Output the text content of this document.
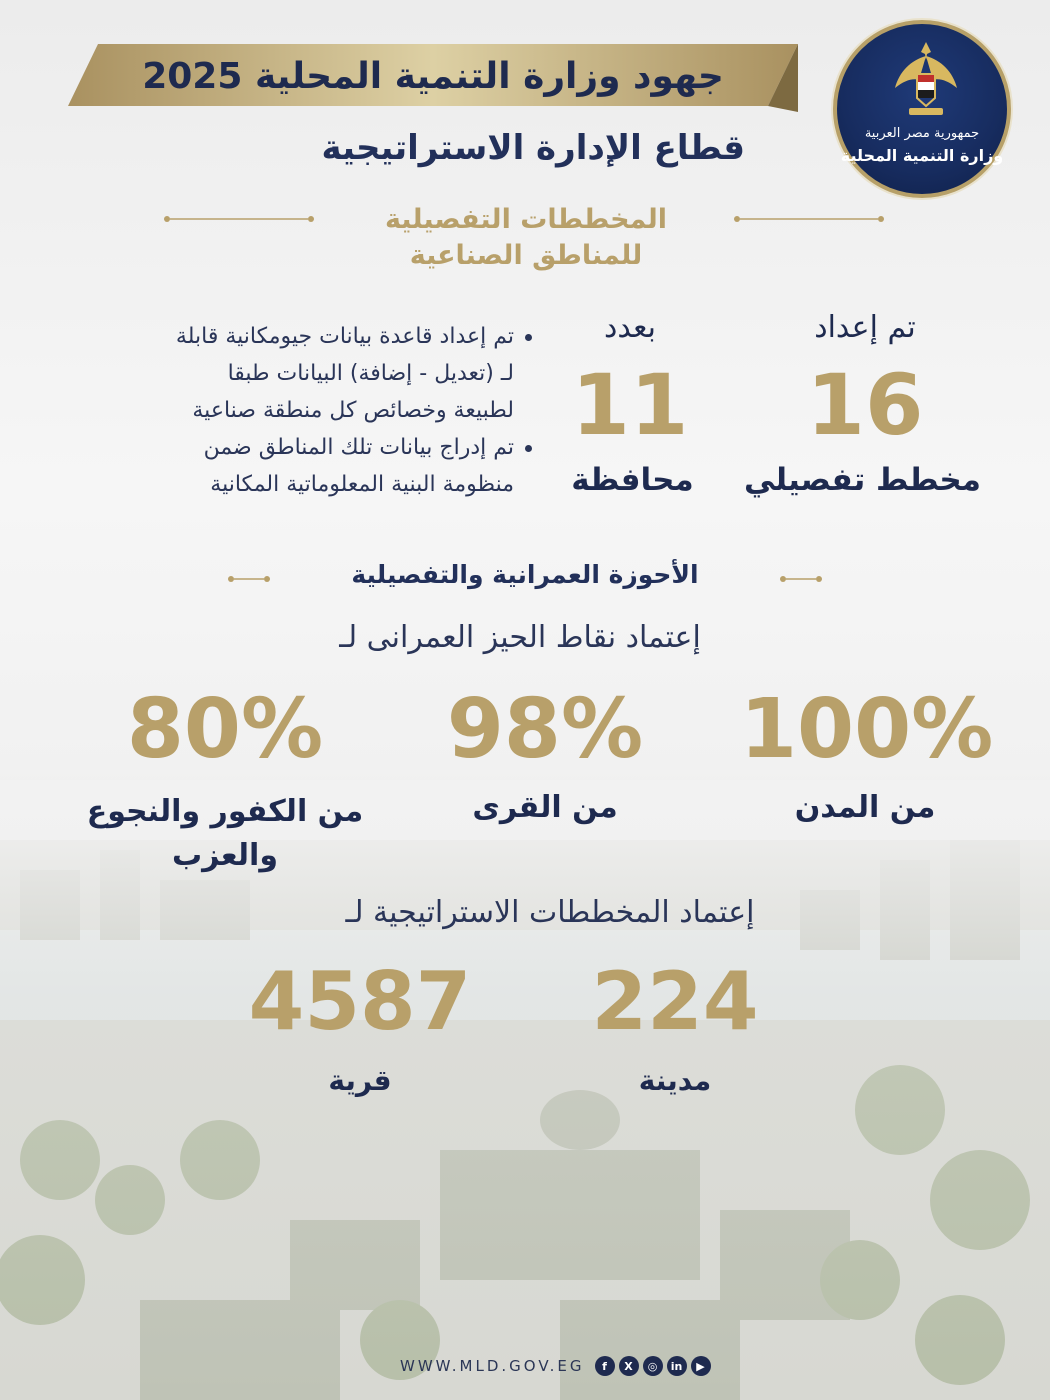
جهود وزارة التنمية المحلية 2025
جمهورية مصر العربية
وزارة التنمية المحلية
قطاع الإدارة الاستراتيجية
المخططات التفصيلية
للمناطق الصناعية
تم إعداد
16
مخطط تفصيلي
بعدد
11
محافظة
تم إعداد قاعدة بيانات جيومكانية قابلة
لـ (تعديل - إضافة) البيانات طبقا
لطبيعة وخصائص كل منطقة صناعية
تم إدراج بيانات تلك المناطق ضمن
منظومة البنية المعلوماتية المكانية
الأحوزة العمرانية والتفصيلية
إعتماد نقاط الحيز العمرانى لـ
100%
من المدن
98%
من القرى
80%
من الكفور والنجوع
والعزب
إعتماد المخططات الاستراتيجية لـ
224
مدينة
4587
قرية
WWW.MLD.GOV.EG	f	X	◎	in	▶
